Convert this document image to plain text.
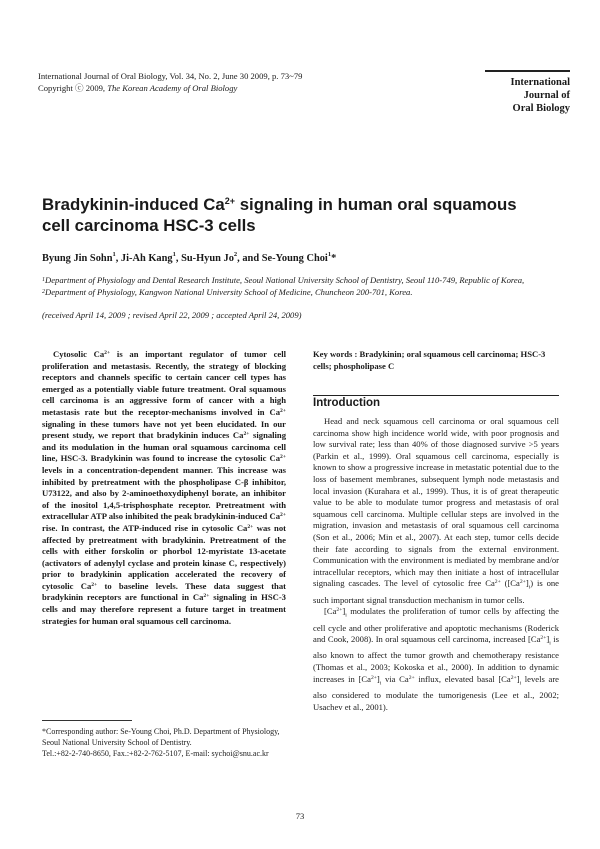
International Journal of Oral Biology, Vol. 34, No. 2, June 30 2009, p. 73~79
Copyright ⓒ 2009, The Korean Academy of Oral Biology	International
Journal of
Oral Biology
Bradykinin-induced $Ca^{2+}$ signaling in human oral squamous cell carcinoma HSC-3 cells
Byung Jin Sohn$^1$, Ji-Ah Kang$^1$, Su-Hyun Jo$^2$, and Se-Young Choi$^1$*
$^1$Department of Physiology and Dental Research Institute, Seoul National University School of Dentistry, Seoul 110-749, Republic of Korea, $^2$Department of Physiology, Kangwon National University School of Medicine, Chuncheon 200-701, Korea.
(received April 14, 2009 ; revised April 22, 2009 ; accepted April 24, 2009)

Cytosolic $Ca^{2+}$ is an important regulator of tumor cell proliferation and metastasis. Recently, the strategy of blocking receptors and channels specific to certain cancer cell types has emerged as a potentially viable future treatment. Oral squamous cell carcinoma is an aggressive form of cancer with a high metastasis rate but the receptor-mechanisms involved in $Ca^{2+}$ signaling in these tumors have not yet been elucidated. In our present study, we report that bradykinin induces $Ca^{2+}$ signaling and its modulation in the human oral squamous carcinoma cell line, HSC-3. Bradykinin was found to increase the cytosolic $Ca^{2+}$ levels in a concentration-dependent manner. This increase was inhibited by pretreatment with the phospholipase C-β inhibitor, U73122, and also by 2-aminoethoxydiphenyl borate, an inhibitor of the inositol 1,4,5-trisphosphate receptor. Pretreatment with extracellular ATP also inhibited the peak bradykinin-induced $Ca^{2+}$ rise. In contrast, the ATP-induced rise in cytosolic $Ca^{2+}$ was not affected by pretreatment with bradykinin. Pretreatment of the cells with either forskolin or phorbol 12-myristate 13-acetate (activators of adenylyl cyclase and protein kinase C, respectively) prior to bradykinin application accelerated the recovery of cytosolic $Ca^{2+}$ to baseline levels. These data suggest that bradykinin receptors are functional in $Ca^{2+}$ signaling in HSC-3 cells and may therefore represent a future target in treatment strategies for human oral squamous cell carcinoma.

Key words : Bradykinin; oral squamous cell carcinoma; HSC-3 cells; phospholipase C
Introduction

Head and neck squamous cell carcinoma or oral squamous cell carcinoma show high incidence world wide, with poor prognosis and low survival rate; less than 40% of those diagnosed survive >5 years (Parkin et al., 1999). Oral squamous cell carcinoma, especially is known to show a progressive increase in metastatic potential due to the loss of basement membranes, subsequent lymph node metastasis and local invasion (Kurahara et al., 1999). Thus, it is of great therapeutic value to be able to modulate tumor progress and metastasis of oral squamous cell carcinoma. Multiple cellular steps are involved in the migration, invasion and metastasis of oral squamous cell carcinoma (Son et al., 2006; Min et al., 2007). At each step, tumor cells decide their fate according to signals from the external environment. Communication with the environment is mediated by membrane and/or intracellular receptors, which may then initiate a host of intracellular signaling cascades. The level of cytosolic free $Ca^{2+}$ $([Ca^{2+}]_i)$ is one such important signal transduction mechanism in tumor cells.

$[Ca^{2+}]_i$ modulates the proliferation of tumor cells by affecting the cell cycle and other proliferative and apoptotic mechanisms (Roderick and Cook, 2008). In oral squamous cell carcinoma, increased $[Ca^{2+}]_i$ is also known to affect the tumor growth and chemotherapy resistance (Thomas et al., 2003; Kokoska et al., 2000). In addition to dynamic increases in $[Ca^{2+}]_i$ via $Ca^{2+}$ influx, elevated basal $[Ca^{2+}]_i$ levels are also considered to modulate the tumorigenesis (Lee et al., 2002; Usachev et al., 2001).

*Corresponding author: Se-Young Choi, Ph.D. Department of Physiology, Seoul National University School of Dentistry.
Tel.:+82-2-740-8650, Fax.:+82-2-762-5107, E-mail: sychoi@snu.ac.kr
73
